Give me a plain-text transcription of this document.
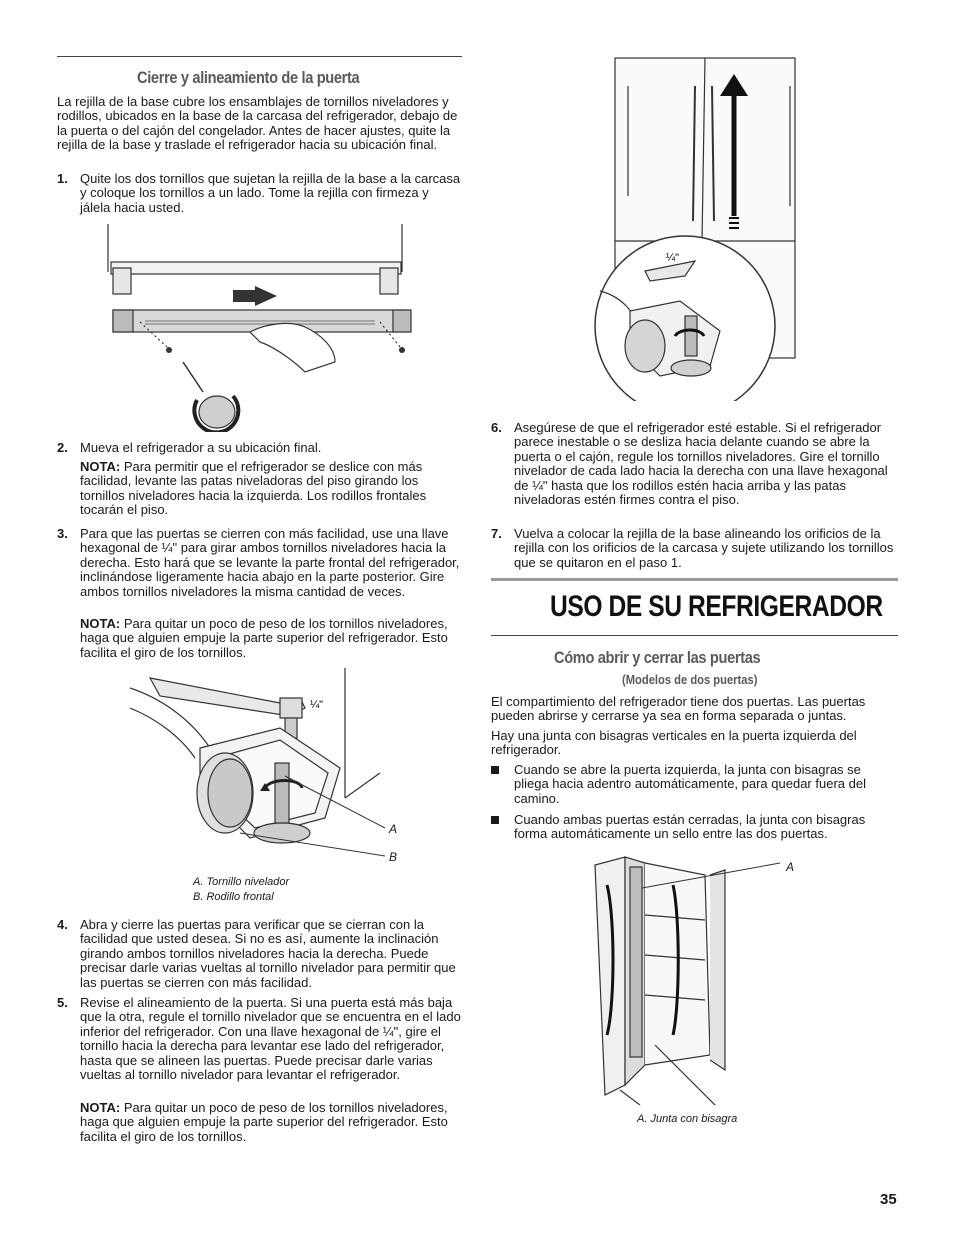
Cierre y alineamiento de la puerta

La rejilla de la base cubre los ensamblajes de tornillos niveladores y rodillos, ubicados en la base de la carcasa del refrigerador, debajo de la puerta o del cajón del congelador. Antes de hacer ajustes, quite la rejilla de la base y traslade el refrigerador hacia su ubicación final.

1. Quite los dos tornillos que sujetan la rejilla de la base a la carcasa y coloque los tornillos a un lado. Tome la rejilla con firmeza y jálela hacia usted.
2. Mueva el refrigerador a su ubicación final.

NOTA: Para permitir que el refrigerador se deslice con más facilidad, levante las patas niveladoras del piso girando los tornillos niveladores hacia la izquierda. Los rodillos frontales tocarán el piso.

3. Para que las puertas se cierren con más facilidad, use una llave hexagonal de ¼" para girar ambos tornillos niveladores hacia la derecha. Esto hará que se levante la parte frontal del refrigerador, inclinándose ligeramente hacia abajo en la parte posterior. Gire ambos tornillos niveladores la misma cantidad de veces.

NOTA: Para quitar un poco de peso de los tornillos niveladores, haga que alguien empuje la parte superior del refrigerador. Esto facilita el giro de los tornillos.

¼"
A
B
A. Tornillo nivelador
B. Rodillo frontal
4. Abra y cierre las puertas para verificar que se cierran con la facilidad que usted desea. Si no es así, aumente la inclinación girando ambos tornillos niveladores hacia la derecha. Puede precisar darle varias vueltas al tornillo nivelador para permitir que las puertas se cierren con más facilidad.
5. Revise el alineamiento de la puerta. Si una puerta está más baja que la otra, regule el tornillo nivelador que se encuentra en el lado inferior del refrigerador. Con una llave hexagonal de ¼", gire el tornillo hacia la derecha para levantar ese lado del refrigerador, hasta que se alineen las puertas. Puede precisar darle varias vueltas al tornillo nivelador para levantar el refrigerador.

NOTA: Para quitar un poco de peso de los tornillos niveladores, haga que alguien empuje la parte superior del refrigerador. Esto facilita el giro de los tornillos.

¼"
6. Asegúrese de que el refrigerador esté estable. Si el refrigerador parece inestable o se desliza hacia delante cuando se abre la puerta o el cajón, regule los tornillos niveladores. Gire el tornillo nivelador de cada lado hacia la derecha con una llave hexagonal de ¼" hasta que los rodillos estén hacia arriba y las patas niveladoras estén firmes contra el piso.
7. Vuelva a colocar la rejilla de la base alineando los orificios de la rejilla con los orificios de la carcasa y sujete utilizando los tornillos que se quitaron en el paso 1.
USO DE SU REFRIGERADOR
Cómo abrir y cerrar las puertas
(Modelos de dos puertas)

El compartimiento del refrigerador tiene dos puertas. Las puertas pueden abrirse y cerrarse ya sea en forma separada o juntas.

Hay una junta con bisagras verticales en la puerta izquierda del refrigerador.

Cuando se abre la puerta izquierda, la junta con bisagras se pliega hacia adentro automáticamente, para quedar fuera del camino.
Cuando ambas puertas están cerradas, la junta con bisagras forma automáticamente un sello entre las dos puertas.
A
A. Junta con bisagra
35
